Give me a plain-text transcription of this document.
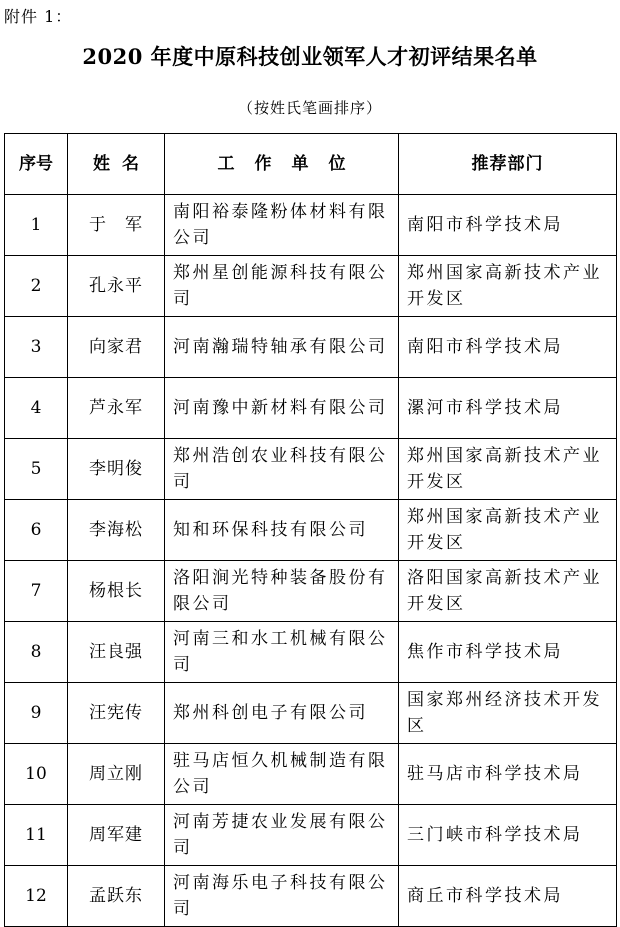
附件 1：
2020 年度中原科技创业领军人才初评结果名单
（按姓氏笔画排序）
序号	姓名	工作单位	推荐部门
1	于　军	南阳裕泰隆粉体材料有限公司	南阳市科学技术局
2	孔永平	郑州星创能源科技有限公司	郑州国家高新技术产业开发区
3	向家君	河南瀚瑞特轴承有限公司	南阳市科学技术局
4	芦永军	河南豫中新材料有限公司	漯河市科学技术局
5	李明俊	郑州浩创农业科技有限公司	郑州国家高新技术产业开发区
6	李海松	知和环保科技有限公司	郑州国家高新技术产业开发区
7	杨根长	洛阳涧光特种装备股份有限公司	洛阳国家高新技术产业开发区
8	汪良强	河南三和水工机械有限公司	焦作市科学技术局
9	汪宪传	郑州科创电子有限公司	国家郑州经济技术开发区
10	周立刚	驻马店恒久机械制造有限公司	驻马店市科学技术局
11	周军建	河南芳捷农业发展有限公司	三门峡市科学技术局
12	孟跃东	河南海乐电子科技有限公司	商丘市科学技术局
